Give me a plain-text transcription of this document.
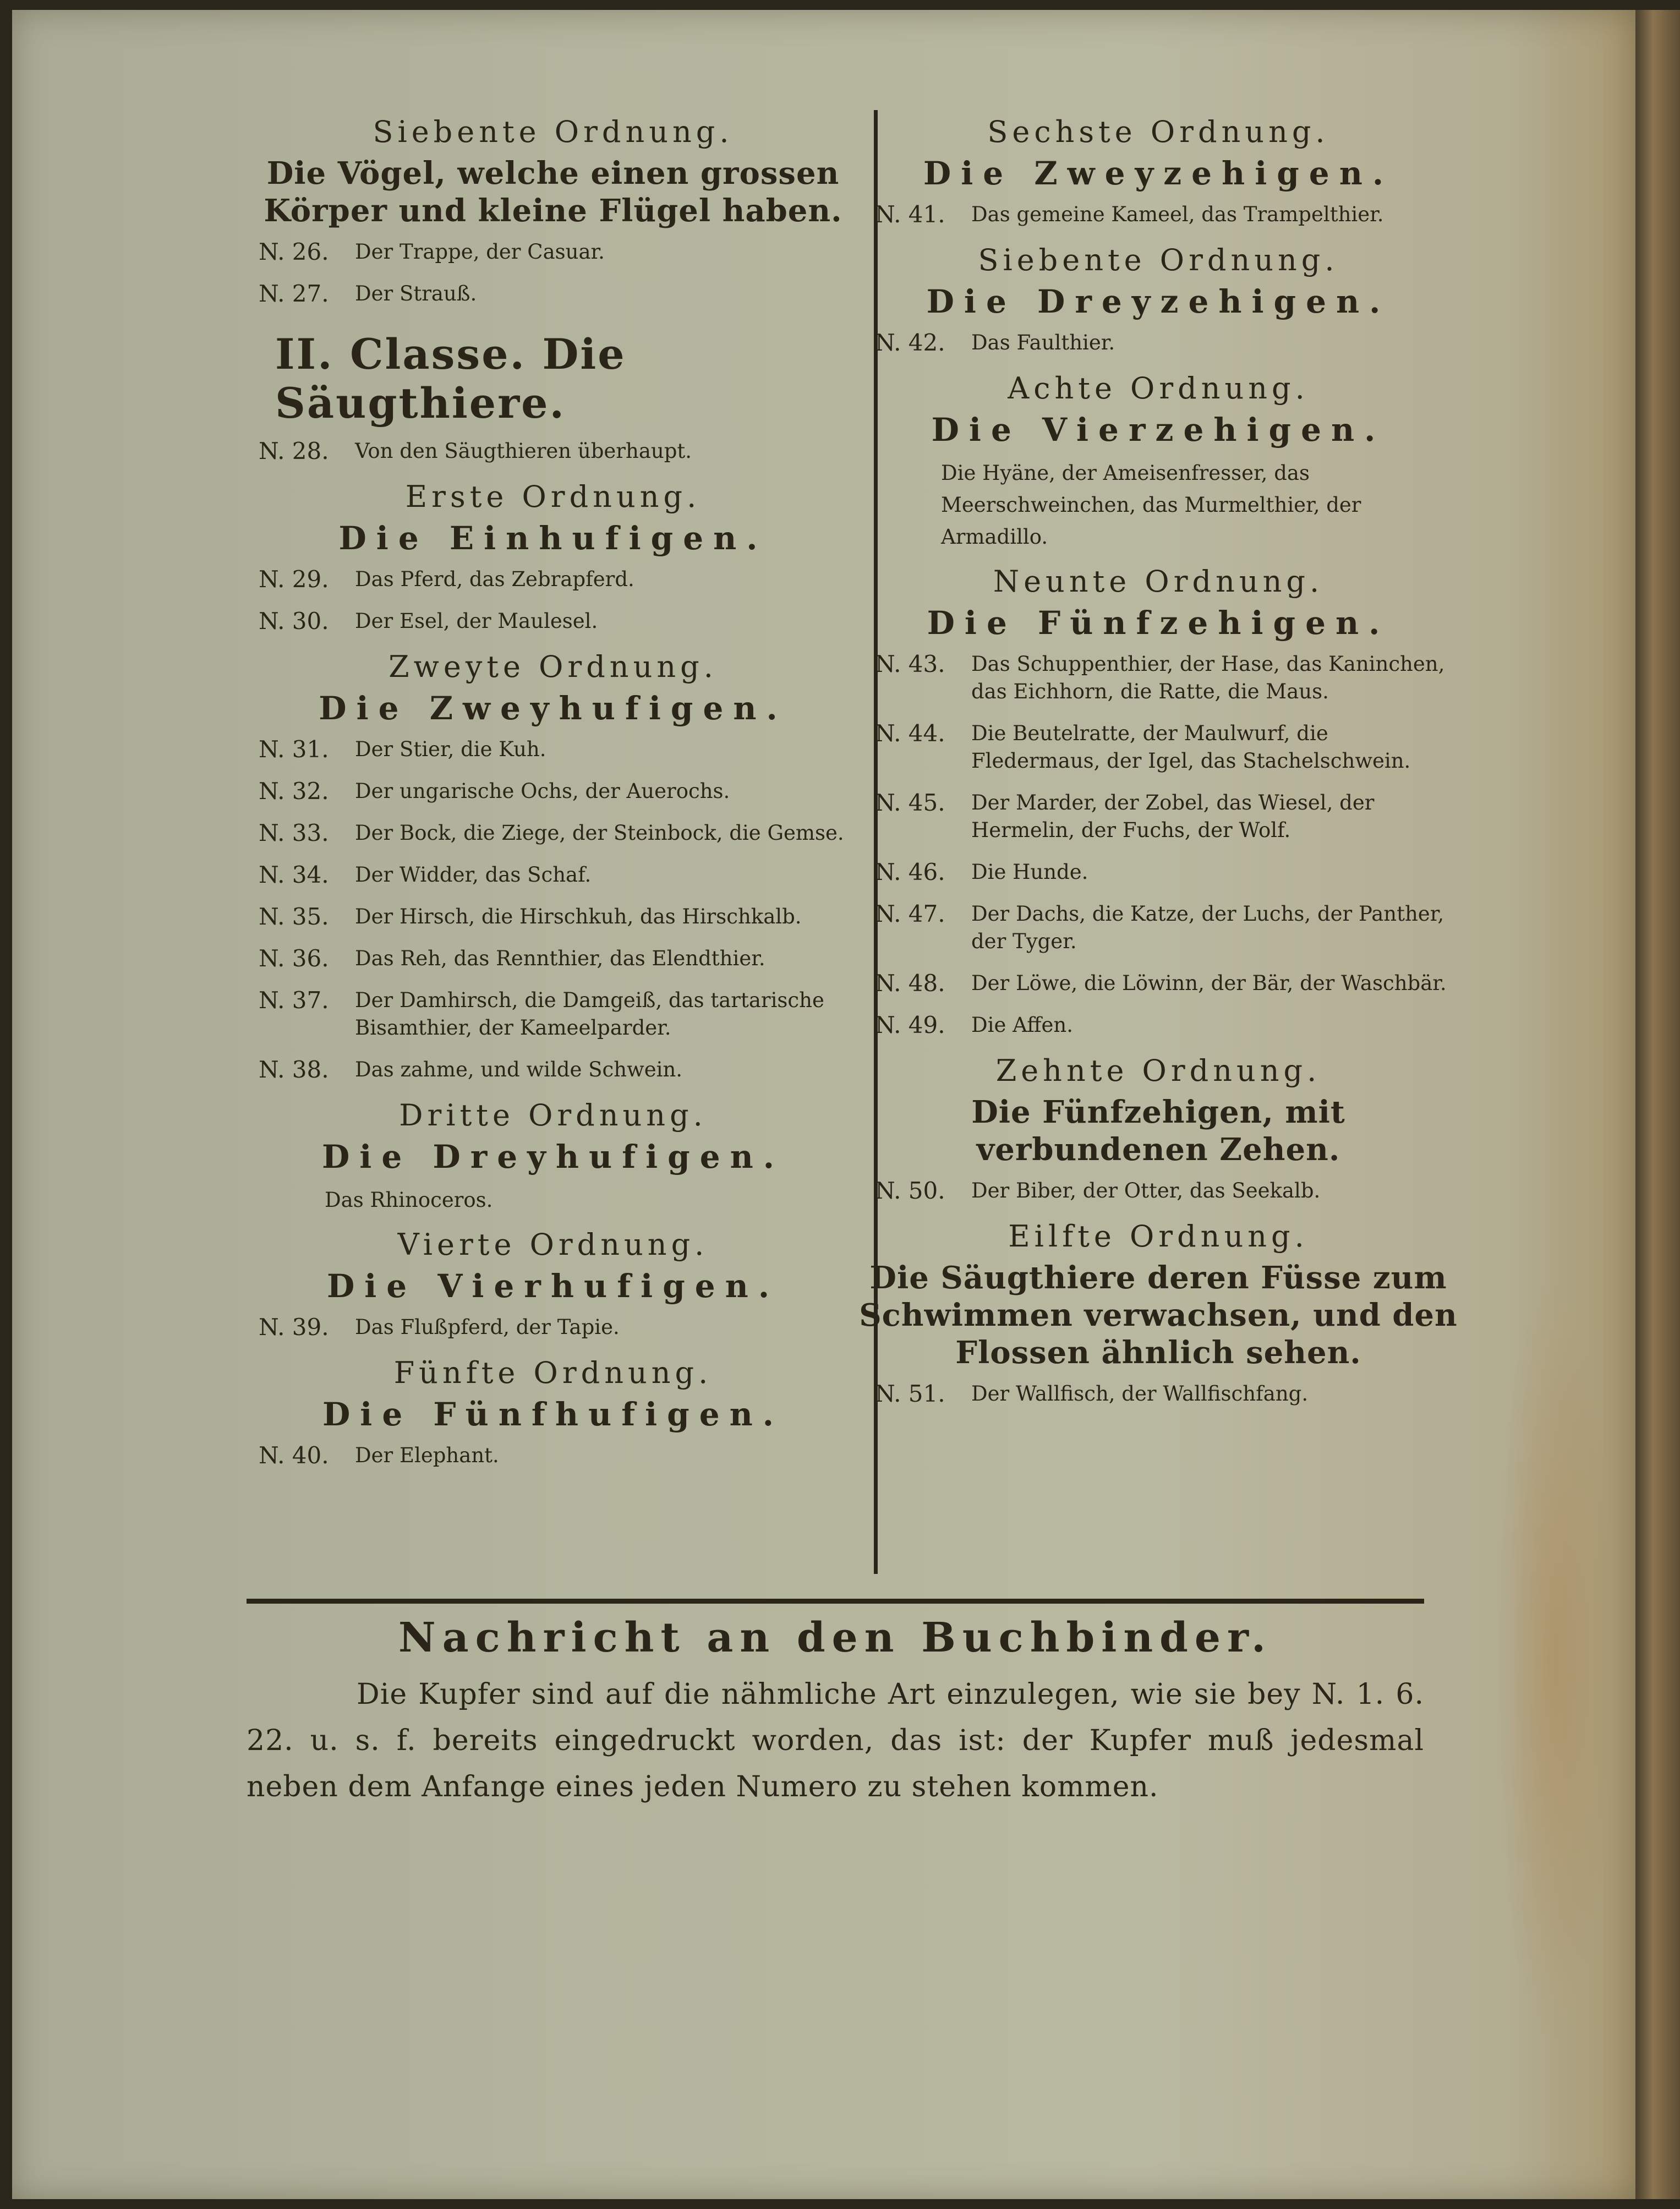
Siebente Ordnung.
Die Vögel, welche einen grossen Körper und kleine Flügel haben.
N. 26. Der Trappe, der Casuar.
N. 27. Der Strauß.
II. Classe. Die Säugthiere.
N. 28. Von den Säugthieren überhaupt.
Erste Ordnung.
Die Einhufigen.
N. 29. Das Pferd, das Zebrapferd.
N. 30. Der Esel, der Maulesel.
Zweyte Ordnung.
Die Zweyhufigen.
N. 31. Der Stier, die Kuh.
N. 32. Der ungarische Ochs, der Auerochs.
N. 33. Der Bock, die Ziege, der Steinbock, die Gemse.
N. 34. Der Widder, das Schaf.
N. 35. Der Hirsch, die Hirschkuh, das Hirschkalb.
N. 36. Das Reh, das Rennthier, das Elendthier.
N. 37. Der Damhirsch, die Damgeiß, das tartarische Bisamthier, der Kameelparder.
N. 38. Das zahme, und wilde Schwein.
Dritte Ordnung.
Die Dreyhufigen.
Das Rhinoceros.
Vierte Ordnung.
Die Vierhufigen.
N. 39. Das Flußpferd, der Tapie.
Fünfte Ordnung.
Die Fünfhufigen.
N. 40. Der Elephant.
Sechste Ordnung.
Die Zweyzehigen.
N. 41. Das gemeine Kameel, das Trampelthier.
Siebente Ordnung.
Die Dreyzehigen.
N. 42. Das Faulthier.
Achte Ordnung.
Die Vierzehigen.
Die Hyäne, der Ameisenfresser, das Meerschweinchen, das Murmelthier, der Armadillo.
Neunte Ordnung.
Die Fünfzehigen.
N. 43. Das Schuppenthier, der Hase, das Kaninchen, das Eichhorn, die Ratte, die Maus.
N. 44. Die Beutelratte, der Maulwurf, die Fledermaus, der Igel, das Stachelschwein.
N. 45. Der Marder, der Zobel, das Wiesel, der Hermelin, der Fuchs, der Wolf.
N. 46. Die Hunde.
N. 47. Der Dachs, die Katze, der Luchs, der Panther, der Tyger.
N. 48. Der Löwe, die Löwinn, der Bär, der Waschbär.
N. 49. Die Affen.
Zehnte Ordnung.
Die Fünfzehigen, mit verbundenen Zehen.
N. 50. Der Biber, der Otter, das Seekalb.
Eilfte Ordnung.
Die Säugthiere deren Füsse zum Schwimmen verwachsen, und den Flossen ähnlich sehen.
N. 51. Der Wallfisch, der Wallfischfang.
Nachricht an den Buchbinder.

Die Kupfer sind auf die nähmliche Art einzulegen, wie sie bey N. 1. 6. 22. u. s. f. bereits eingedruckt worden, das ist: der Kupfer muß jedesmal neben dem Anfange eines jeden Numero zu stehen kommen.
